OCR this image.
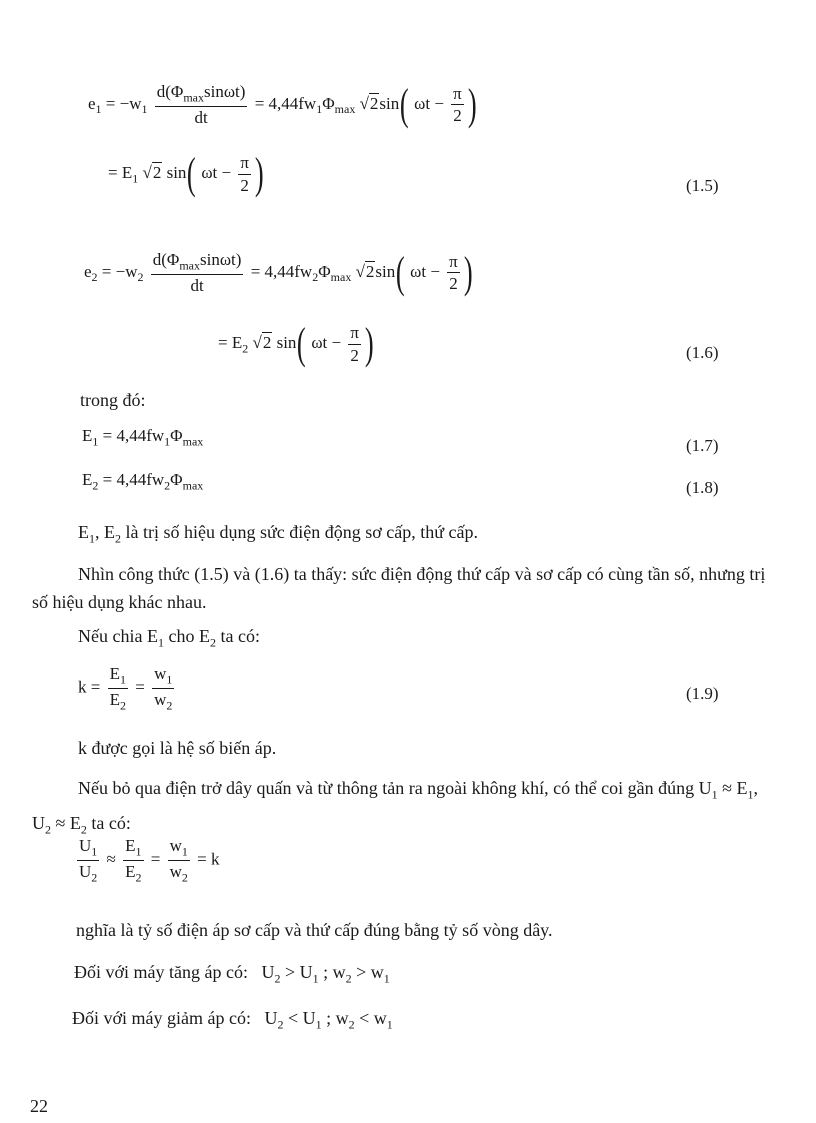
$e_1 = -w_1 \frac{d(\Phi_{max}\sin\omega t)}{dt} = 4,44fw_1\Phi_{max}$ √2sin( $\omega t - \frac{\pi}{2}$ )
= $E_1$ √2 sin( $\omega t - \frac{\pi}{2}$ )	(1.5)
$e_2 = -w_2 \frac{d(\Phi_{max}\sin\omega t)}{dt} = 4,44fw_2\Phi_{max}$ √2sin( $\omega t - \frac{\pi}{2}$ )
= $E_2$ √2 sin( $\omega t - \frac{\pi}{2}$ )	(1.6)
trong đó:
$E_1 = 4,44fw_1\Phi_{max}$	(1.7)
$E_2 = 4,44fw_2\Phi_{max}$	(1.8)
$E_1$, $E_2$ là trị số hiệu dụng sức điện động sơ cấp, thứ cấp.
Nhìn công thức (1.5) và (1.6) ta thấy: sức điện động thứ cấp và sơ cấp có cùng tần số, nhưng trị số hiệu dụng khác nhau.
Nếu chia $E_1$ cho $E_2$ ta có:
$k = \frac{E_1}{E_2} = \frac{w_1}{w_2}$	(1.9)
k được gọi là hệ số biến áp.
Nếu bỏ qua điện trở dây quấn và từ thông tản ra ngoài không khí, có thể coi gần đúng $U_1 \approx E_1$, $U_2 \approx E_2$ ta có:
$\frac{U_1}{U_2} \approx \frac{E_1}{E_2} = \frac{w_1}{w_2} = k$
nghĩa là tỷ số điện áp sơ cấp và thứ cấp đúng bằng tỷ số vòng dây.
Đối với máy tăng áp có:   $U_2 > U_1$ ; $w_2 > w_1$
Đối với máy giảm áp có:   $U_2 < U_1$ ; $w_2 < w_1$
22
